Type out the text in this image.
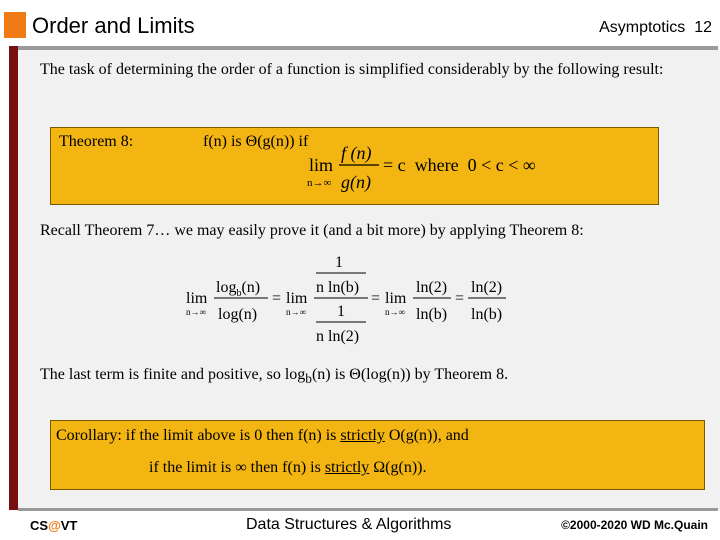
Order and Limits	Asymptotics 12
The task of determining the order of a function is simplified considerably by the following result:
Theorem 8:	f(n) is Θ(g(n)) if
lim
n→∞
f (n)
g(n)
= c  where  0 < c < ∞
Recall Theorem 7… we may easily prove it (and a bit more) by applying Theorem 8:
lim
n→∞
$\log_b(n)$
log(n)
= lim
n→∞
1
n ln(b)
1
n ln(2)
= lim
n→∞
ln(2)
ln(b)
=
ln(2)
ln(b)
The last term is finite and positive, so $\log_b(n)$ is Θ(log(n)) by Theorem 8.
Corollary: if the limit above is 0 then f(n) is strictly O(g(n)), and
if the limit is ∞ then f(n) is strictly Ω(g(n)).
CS@VT	Data Structures & Algorithms	©2000-2020 WD Mc.Quain
